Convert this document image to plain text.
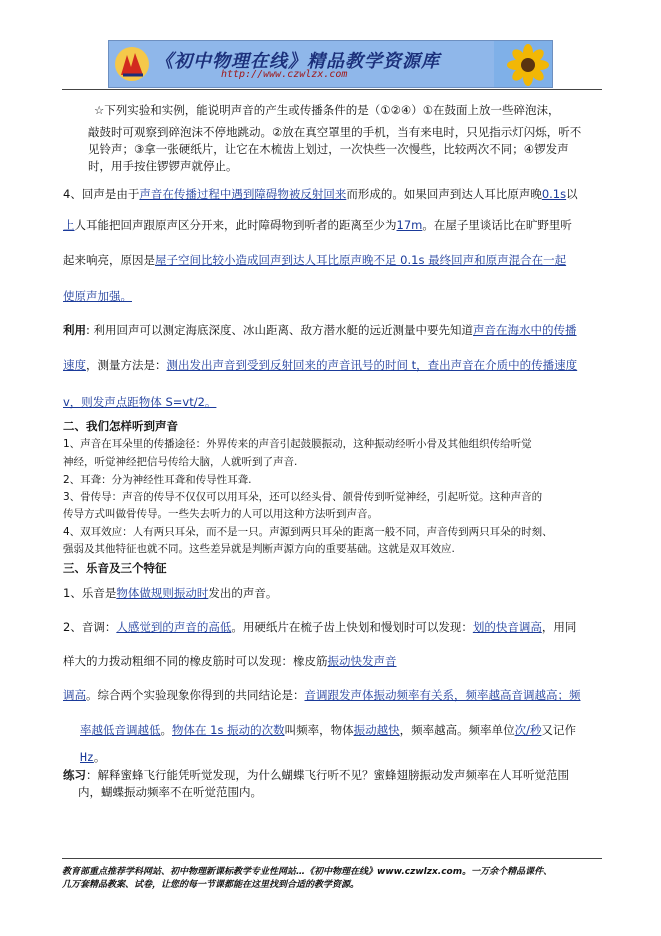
《初中物理在线》精品教学资源库
http://www.czwlzx.com
☆下列实验和实例，能说明声音的产生或传播条件的是（①②④）①在鼓面上放一些碎泡沫，
敲鼓时可观察到碎泡沫不停地跳动。②放在真空罩里的手机，当有来电时，只见指示灯闪烁，听不
见铃声；③拿一张硬纸片，让它在木梳齿上划过，一次快些一次慢些，比较两次不同；④锣发声
时，用手按住锣锣声就停止。
4、回声是由于声音在传播过程中遇到障碍物被反射回来而形成的。如果回声到达人耳比原声晚0.1s以
上人耳能把回声跟原声区分开来，此时障碍物到听者的距离至少为17m。在屋子里谈话比在旷野里听
起来响亮，原因是屋子空间比较小造成回声到达人耳比原声晚不足 0.1s 最终回声和原声混合在一起
使原声加强。
利用: 利用回声可以测定海底深度、冰山距离、敌方潜水艇的远近测量中要先知道声音在海水中的传播
速度，测量方法是：测出发出声音到受到反射回来的声音讯号的时间 t，查出声音在介质中的传播速度
v，则发声点距物体 S=vt/2。
二、我们怎样听到声音
1、声音在耳朵里的传播途径：外界传来的声音引起鼓膜振动，这种振动经听小骨及其他组织传给听觉
神经，听觉神经把信号传给大脑，人就听到了声音.
2、耳聋：分为神经性耳聋和传导性耳聋.
3、骨传导：声音的传导不仅仅可以用耳朵，还可以经头骨、颌骨传到听觉神经，引起听觉。这种声音的
传导方式叫做骨传导。一些失去听力的人可以用这种方法听到声音。
4、双耳效应：人有两只耳朵，而不是一只。声源到两只耳朵的距离一般不同，声音传到两只耳朵的时刻、
强弱及其他特征也就不同。这些差异就是判断声源方向的重要基础。这就是双耳效应.
三、乐音及三个特征
1、乐音是物体做规则振动时发出的声音。
2、音调：人感觉到的声音的高低。用硬纸片在梳子齿上快划和慢划时可以发现：划的快音调高，用同
样大的力拨动粗细不同的橡皮筋时可以发现：橡皮筋振动快发声音
调高。综合两个实验现象你得到的共同结论是：音调跟发声体振动频率有关系，频率越高音调越高；频
率越低音调越低。物体在 1s 振动的次数叫频率，物体振动越快，频率越高。频率单位次/秒又记作
Hz。
练习：解释蜜蜂飞行能凭听觉发现，为什么蝴蝶飞行听不见？蜜蜂翅膀振动发声频率在人耳听觉范围
内，蝴蝶振动频率不在听觉范围内。
教育部重点推荐学科网站、初中物理新课标教学专业性网站…《初中物理在线》www.czwlzx.com。一万余个精品课件、
几万套精品教案、试卷，让您的每一节课都能在这里找到合适的教学资源。
